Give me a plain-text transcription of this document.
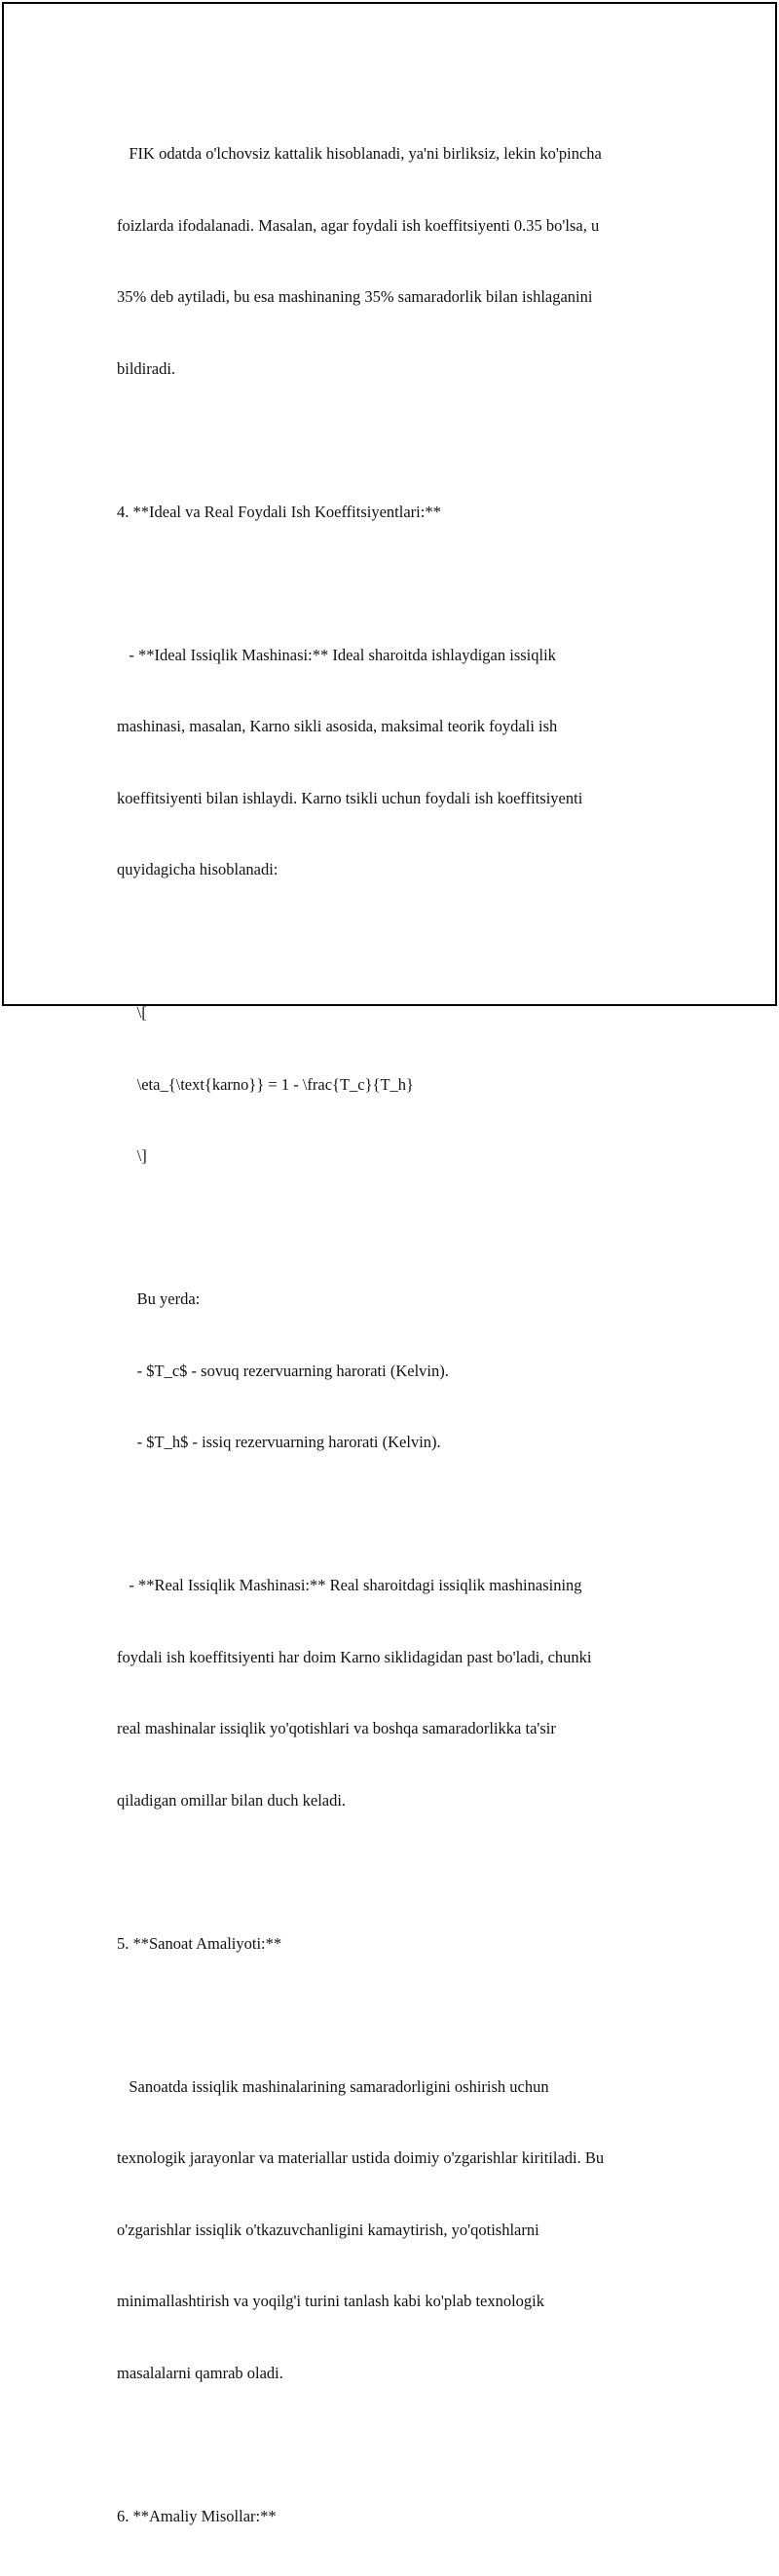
FIK odatda o'lchovsiz kattalik hisoblanadi, ya'ni birliksiz, lekin ko'pincha

foizlarda ifodalanadi. Masalan, agar foydali ish koeffitsiyenti 0.35 bo'lsa, u

35% deb aytiladi, bu esa mashinaning 35% samaradorlik bilan ishlaganini

bildiradi.

4. **Ideal va Real Foydali Ish Koeffitsiyentlari:**

- **Ideal Issiqlik Mashinasi:** Ideal sharoitda ishlaydigan issiqlik

mashinasi, masalan, Karno sikli asosida, maksimal teorik foydali ish

koeffitsiyenti bilan ishlaydi. Karno tsikli uchun foydali ish koeffitsiyenti

quyidagicha hisoblanadi:

\[

\eta_{\text{karno}} = 1 - \frac{T_c}{T_h}

\]

Bu yerda:

- $T_c$ - sovuq rezervuarning harorati (Kelvin).

- $T_h$ - issiq rezervuarning harorati (Kelvin).

- **Real Issiqlik Mashinasi:** Real sharoitdagi issiqlik mashinasining

foydali ish koeffitsiyenti har doim Karno siklidagidan past bo'ladi, chunki

real mashinalar issiqlik yo'qotishlari va boshqa samaradorlikka ta'sir

qiladigan omillar bilan duch keladi.

5. **Sanoat Amaliyoti:**

Sanoatda issiqlik mashinalarining samaradorligini oshirish uchun

texnologik jarayonlar va materiallar ustida doimiy o'zgarishlar kiritiladi. Bu

o'zgarishlar issiqlik o'tkazuvchanligini kamaytirish, yo'qotishlarni

minimallashtirish va yoqilg'i turini tanlash kabi ko'plab texnologik

masalalarni qamrab oladi.

6. **Amaliy Misollar:**
